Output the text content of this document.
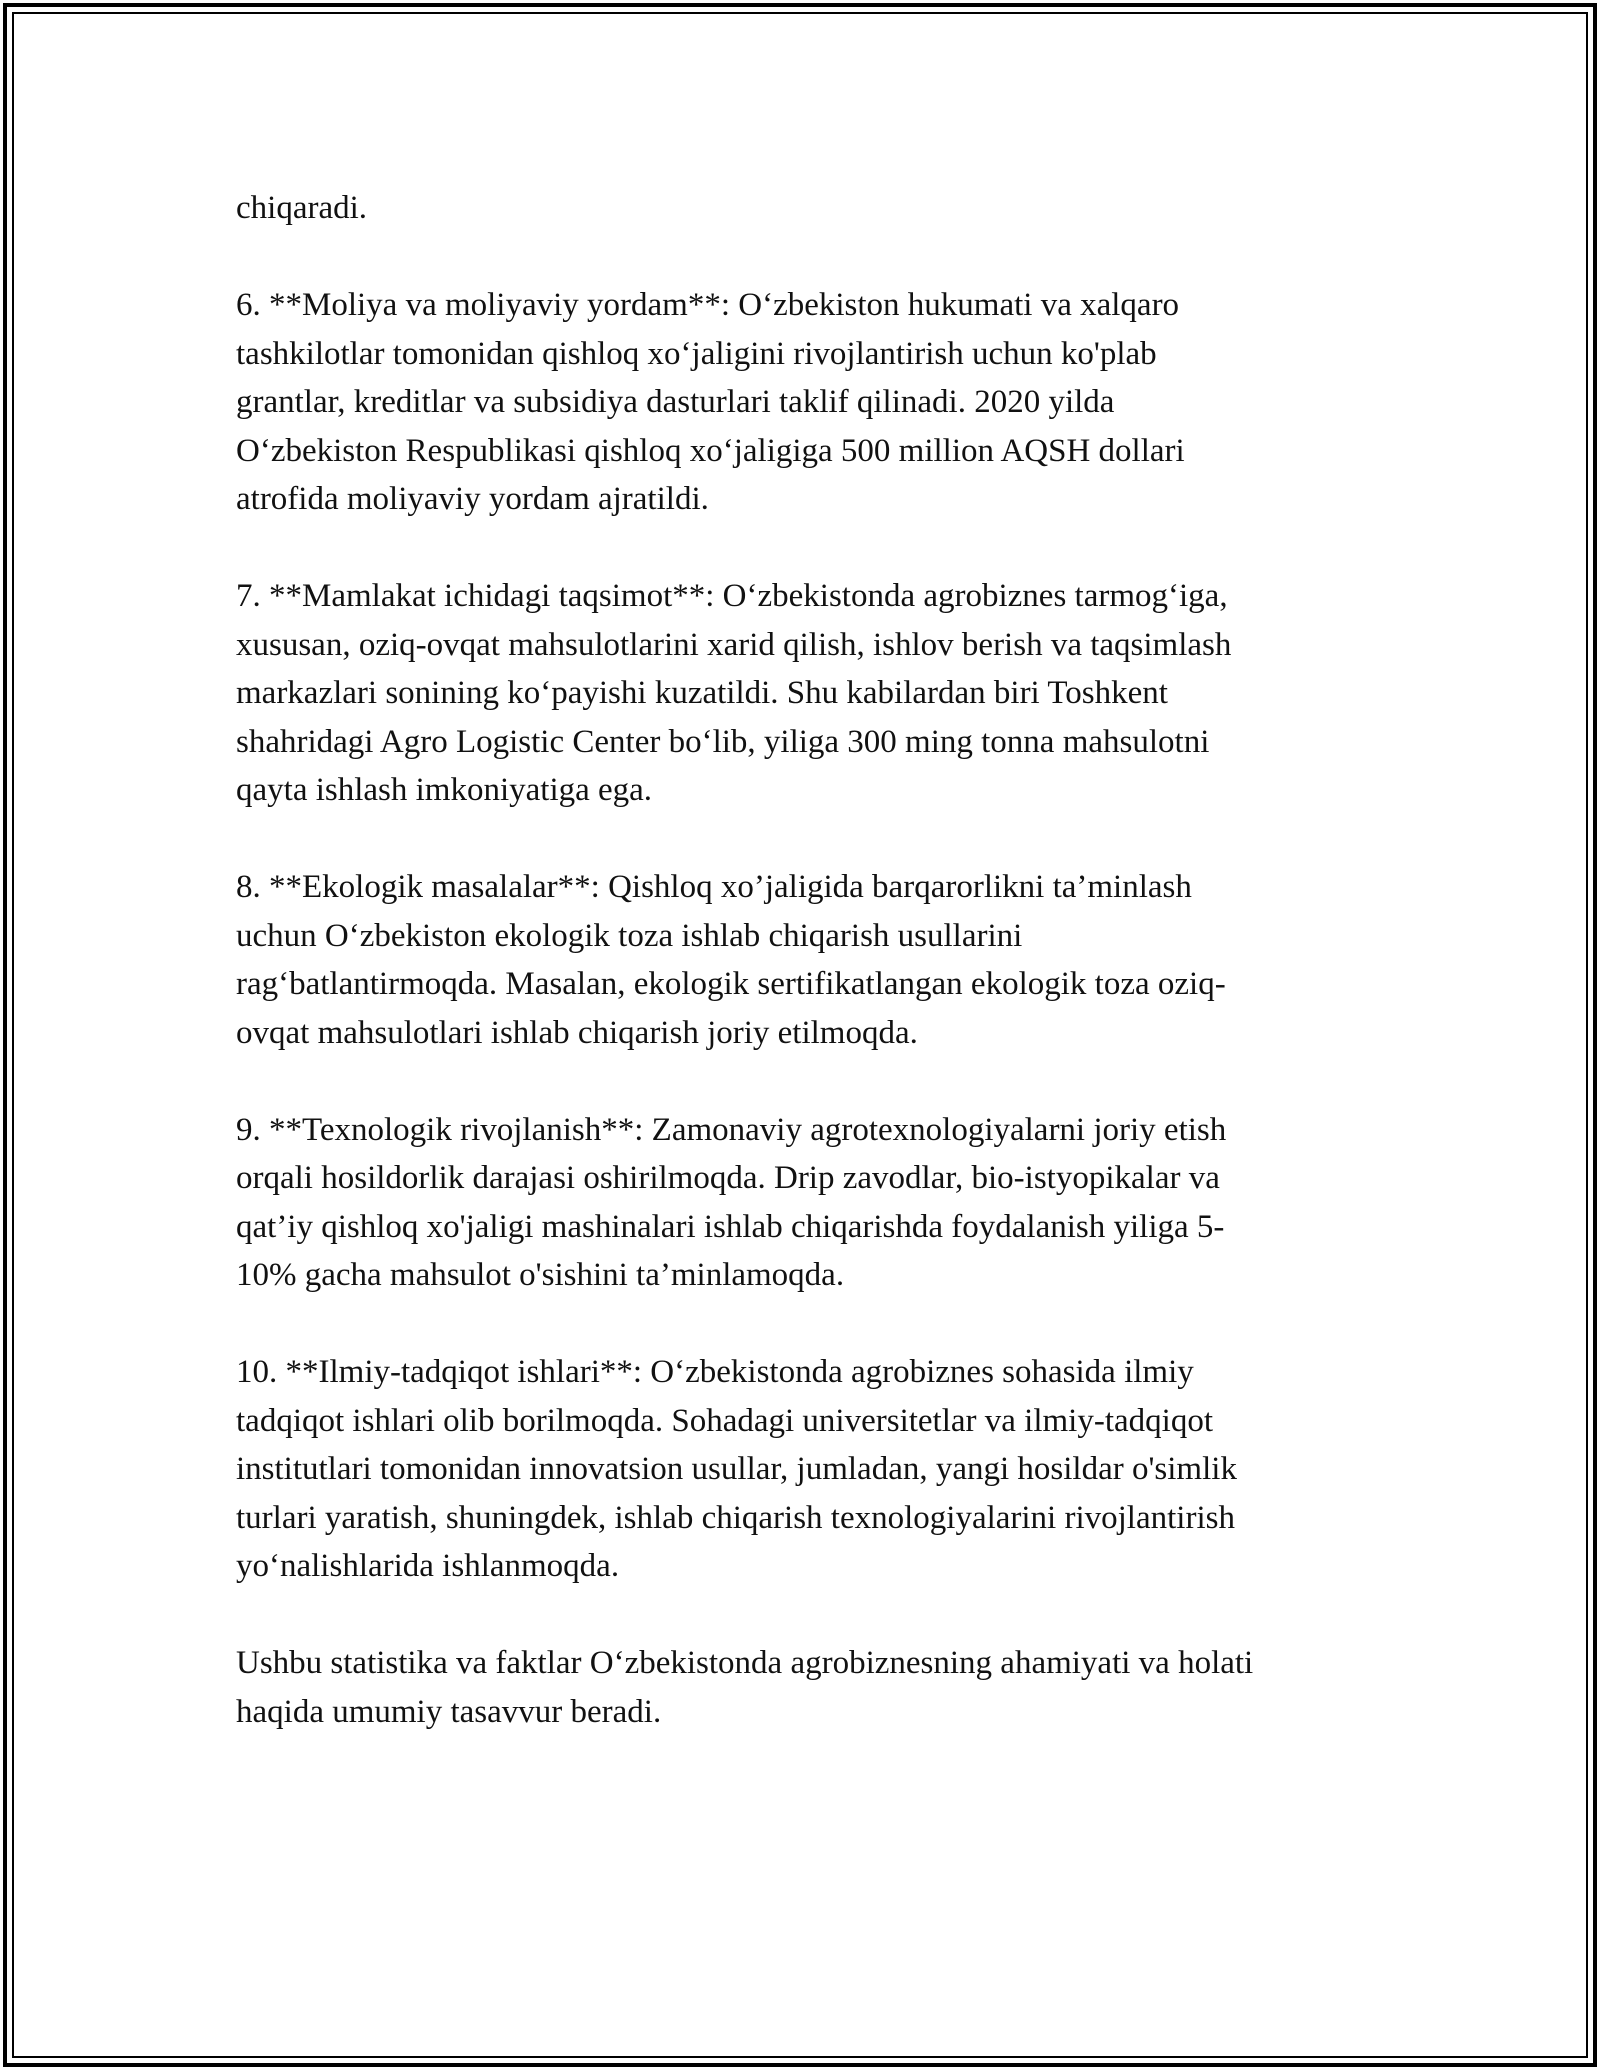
chiqaradi.

6. **Moliya va moliyaviy yordam**: O‘zbekiston hukumati va xalqaro
tashkilotlar tomonidan qishloq xo‘jaligini rivojlantirish uchun ko'plab
grantlar, kreditlar va subsidiya dasturlari taklif qilinadi. 2020 yilda
O‘zbekiston Respublikasi qishloq xo‘jaligiga 500 million AQSH dollari
atrofida moliyaviy yordam ajratildi.

7. **Mamlakat ichidagi taqsimot**: O‘zbekistonda agrobiznes tarmog‘iga,
xususan, oziq-ovqat mahsulotlarini xarid qilish, ishlov berish va taqsimlash
markazlari sonining ko‘payishi kuzatildi. Shu kabilardan biri Toshkent
shahridagi Agro Logistic Center bo‘lib, yiliga 300 ming tonna mahsulotni
qayta ishlash imkoniyatiga ega.

8. **Ekologik masalalar**: Qishloq xo’jaligida barqarorlikni ta’minlash
uchun O‘zbekiston ekologik toza ishlab chiqarish usullarini
rag‘batlantirmoqda. Masalan, ekologik sertifikatlangan ekologik toza oziq-
ovqat mahsulotlari ishlab chiqarish joriy etilmoqda.

9. **Texnologik rivojlanish**: Zamonaviy agrotexnologiyalarni joriy etish
orqali hosildorlik darajasi oshirilmoqda. Drip zavodlar, bio-istyopikalar va
qat’iy qishloq xo'jaligi mashinalari ishlab chiqarishda foydalanish yiliga 5-
10% gacha mahsulot o'sishini ta’minlamoqda.

10. **Ilmiy-tadqiqot ishlari**: O‘zbekistonda agrobiznes sohasida ilmiy
tadqiqot ishlari olib borilmoqda. Sohadagi universitetlar va ilmiy-tadqiqot
institutlari tomonidan innovatsion usullar, jumladan, yangi hosildar o'simlik
turlari yaratish, shuningdek, ishlab chiqarish texnologiyalarini rivojlantirish
yo‘nalishlarida ishlanmoqda.

Ushbu statistika va faktlar O‘zbekistonda agrobiznesning ahamiyati va holati
haqida umumiy tasavvur beradi.
